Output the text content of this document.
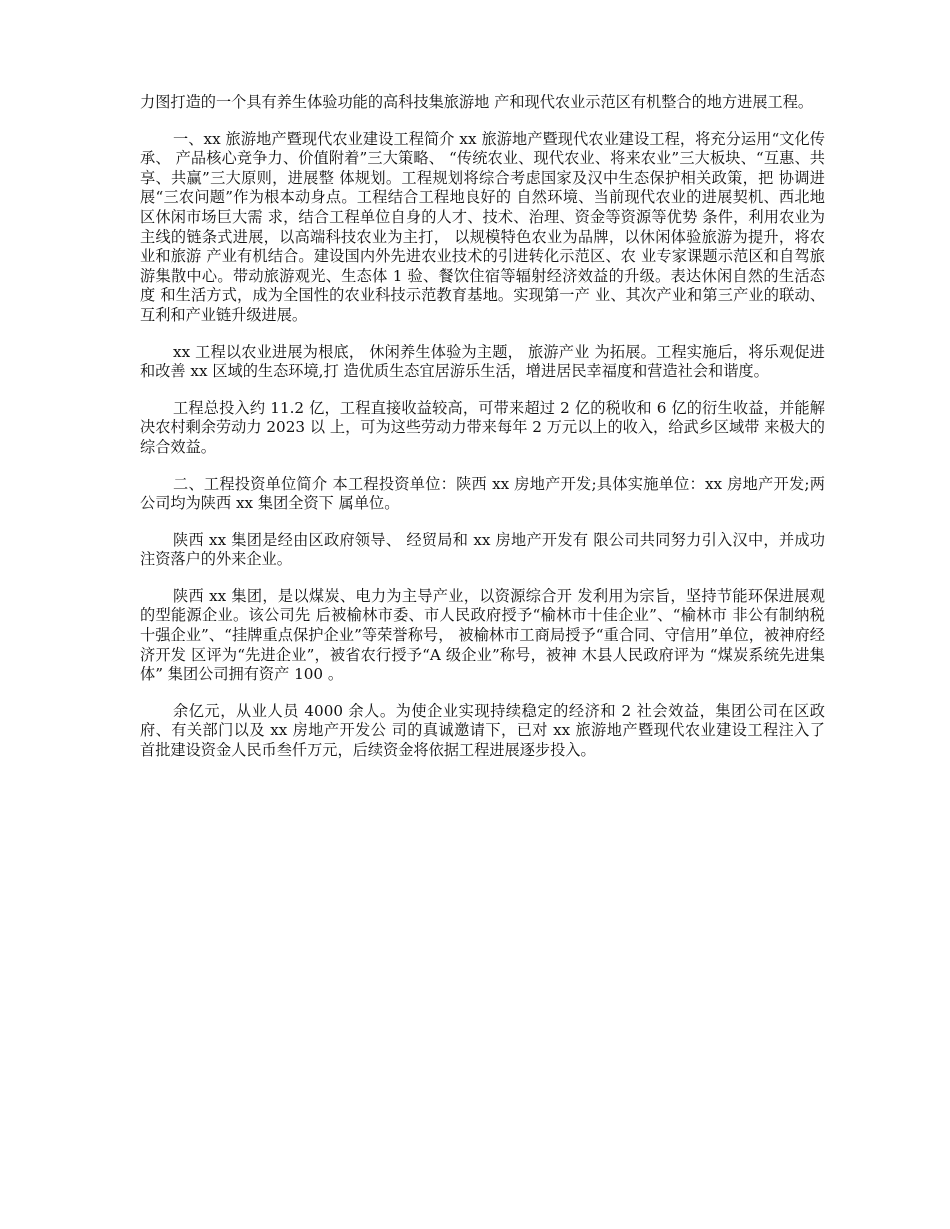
力图打造的一个具有养生体验功能的高科技集旅游地 产和现代农业示范区有机整合的地方进展工程。

一、xx 旅游地产暨现代农业建设工程简介 xx 旅游地产暨现代农业建设工程，将充分运用“文化传承、 产品核心竞争力、价值附着”三大策略、 “传统农业、现代农业、将来农业”三大板块、“互惠、共享、共赢”三大原则，进展整 体规划。工程规划将综合考虑国家及汉中生态保护相关政策，把 协调进展“三农问题”作为根本动身点。工程结合工程地良好的 自然环境、当前现代农业的进展契机、西北地区休闲市场巨大需 求，结合工程单位自身的人才、技术、治理、资金等资源等优势 条件，利用农业为主线的链条式进展，以高端科技农业为主打， 以规模特色农业为品牌，以休闲体验旅游为提升，将农业和旅游 产业有机结合。建设国内外先进农业技术的引进转化示范区、农 业专家课题示范区和自驾旅游集散中心。带动旅游观光、生态体 1 验、餐饮住宿等辐射经济效益的升级。表达休闲自然的生活态度 和生活方式，成为全国性的农业科技示范教育基地。实现第一产 业、其次产业和第三产业的联动、互利和产业链升级进展。

xx 工程以农业进展为根底， 休闲养生体验为主题， 旅游产业 为拓展。工程实施后，将乐观促进和改善 xx 区域的生态环境,打 造优质生态宜居游乐生活，增进居民幸福度和营造社会和谐度。

工程总投入约 11.2 亿，工程直接收益较高，可带来超过 2 亿的税收和 6 亿的衍生收益，并能解决农村剩余劳动力 2023 以 上，可为这些劳动力带来每年 2 万元以上的收入，给武乡区域带 来极大的综合效益。

二、工程投资单位简介 本工程投资单位：陕西 xx 房地产开发;具体实施单位：xx 房地产开发;两公司均为陕西 xx 集团全资下 属单位。

陕西 xx 集团是经由区政府领导、 经贸局和 xx 房地产开发有 限公司共同努力引入汉中，并成功注资落户的外来企业。

陕西 xx 集团，是以煤炭、电力为主导产业，以资源综合开 发利用为宗旨，坚持节能环保进展观的型能源企业。该公司先 后被榆林市委、市人民政府授予“榆林市十佳企业”、“榆林市 非公有制纳税十强企业”、“挂牌重点保护企业”等荣誉称号， 被榆林市工商局授予“重合同、守信用”单位，被神府经济开发 区评为“先进企业”，被省农行授予“A 级企业”称号，被神 木县人民政府评为 “煤炭系统先进集体” 集团公司拥有资产 100 。

余亿元，从业人员 4000 余人。为使企业实现持续稳定的经济和 2 社会效益，集团公司在区政府、有关部门以及 xx 房地产开发公 司的真诚邀请下，已对 xx 旅游地产暨现代农业建设工程注入了 首批建设资金人民币叁仟万元，后续资金将依据工程进展逐步投入。
